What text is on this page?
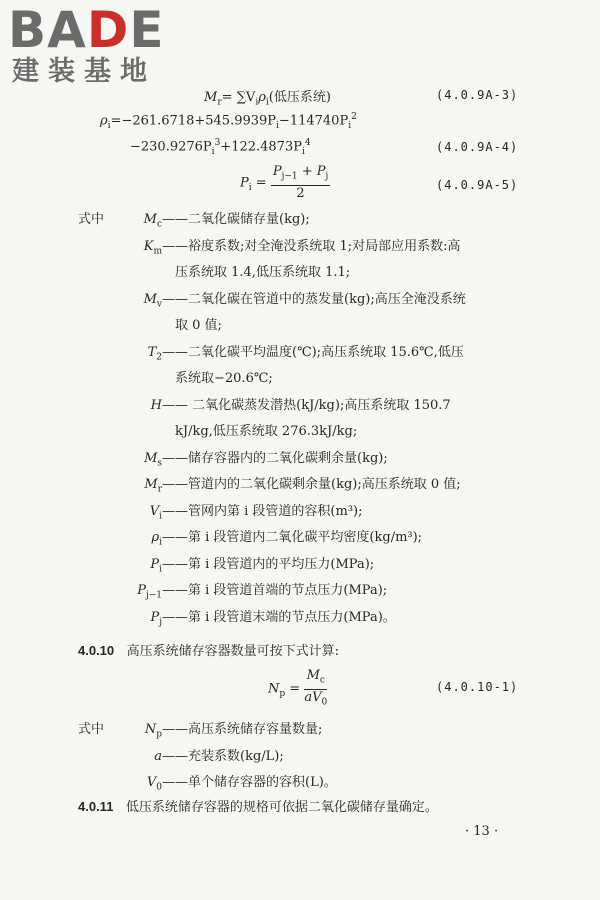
BADE
建装基地
$M_r= \sum V_i\rho_i$(低压系统)	(4.0.9A-3)
$\rho_i=-261.6718+545.9939P_i-114740P_i^2$
$-230.9276P_i^3+122.4873P_i^4$	(4.0.9A-4)
$P_i = \frac{P_{j-1} + P_j}{2}$	(4.0.9A-5)
式中	$M_c——$二氧化碳储存量(kg);
$K_m——$裕度系数;对全淹没系统取 1;对局部应用系数:高
压系统取 1.4,低压系统取 1.1;
$M_v——$二氧化碳在管道中的蒸发量(kg);高压全淹没系统
取 0 值;
$T_2——$二氧化碳平均温度(℃);高压系统取 15.6℃,低压
系统取−20.6℃;
H—— 二氧化碳蒸发潜热(kJ/kg);高压系统取 150.7
kJ/kg,低压系统取 276.3kJ/kg;
$M_s——$储存容器内的二氧化碳剩余量(kg);
$M_r——$管道内的二氧化碳剩余量(kg);高压系统取 0 值;
$V_i——$管网内第 i 段管道的容积(m³);
$\rho_i——$第 i 段管道内二氧化碳平均密度(kg/m³);
$P_i——$第 i 段管道内的平均压力(MPa);
$P_{j-1}——$第 i 段管道首端的节点压力(MPa);
$P_j——$第 i 段管道末端的节点压力(MPa)。
4.0.10 高压系统储存容器数量可按下式计算:
$N_p = \frac{M_c}{aV_0}$	(4.0.10-1)
式中	$N_p——$高压系统储存容量数量;
a——充装系数(kg/L);
$V_0——$单个储存容器的容积(L)。
4.0.11 低压系统储存容器的规格可依据二氧化碳储存量确定。
· 13 ·
